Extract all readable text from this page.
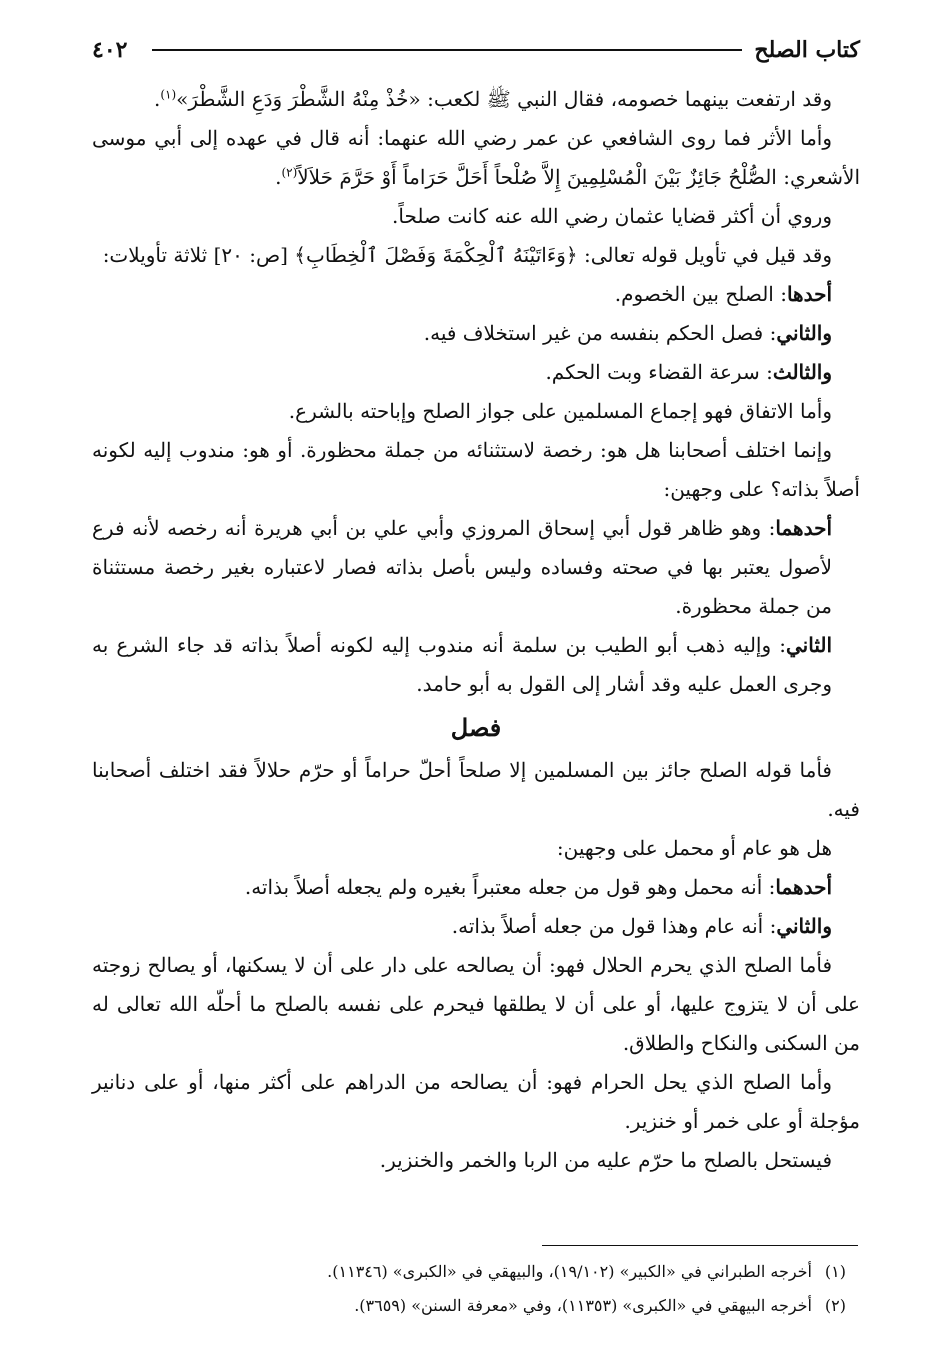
٤٠٢	كتاب الصلح

وقد ارتفعت بينهما خصومه، فقال النبي ﷺ لكعب: «خُذْ مِنْهُ الشَّطْرَ وَدَعِ الشَّطْرَ»$^{(١)}$.

وأما الأثر فما روى الشافعي عن عمر رضي الله عنهما: أنه قال في عهده إلى أبي موسى الأشعري: الصُّلْحُ جَائِزٌ بَيْنَ الْمُسْلِمِينَ إِلاَّ صُلْحاً أَحَلَّ حَرَاماً أَوْ حَرَّمَ حَلاَلاً$^{(٢)}$.

وروي أن أكثر قضايا عثمان رضي الله عنه كانت صلحاً.

وقد قيل في تأويل قوله تعالى: ﴿وَءَاتَيْنَهُ ٱلْحِكْمَةَ وَفَصْلَ ٱلْخِطَابِ﴾ [ص: ٢٠] ثلاثة تأويلات:

أحدها: الصلح بين الخصوم.

والثاني: فصل الحكم بنفسه من غير استخلاف فيه.

والثالث: سرعة القضاء وبت الحكم.

وأما الاتفاق فهو إجماع المسلمين على جواز الصلح وإباحته بالشرع.

وإنما اختلف أصحابنا هل هو: رخصة لاستثنائه من جملة محظورة. أو هو: مندوب إليه لكونه أصلاً بذاته؟ على وجهين:

أحدهما: وهو ظاهر قول أبي إسحاق المروزي وأبي علي بن أبي هريرة أنه رخصه لأنه فرع لأصول يعتبر بها في صحته وفساده وليس بأصل بذاته فصار لاعتباره بغير رخصة مستثناة من جملة محظورة.

الثاني: وإليه ذهب أبو الطيب بن سلمة أنه مندوب إليه لكونه أصلاً بذاته قد جاء الشرع به وجرى العمل عليه وقد أشار إلى القول به أبو حامد.

فصل

فأما قوله الصلح جائز بين المسلمين إلا صلحاً أحلّ حراماً أو حرّم حلالاً فقد اختلف أصحابنا فيه.

هل هو عام أو محمل على وجهين:

أحدهما: أنه محمل وهو قول من جعله معتبراً بغيره ولم يجعله أصلاً بذاته.

والثاني: أنه عام وهذا قول من جعله أصلاً بذاته.

فأما الصلح الذي يحرم الحلال فهو: أن يصالحه على دار على أن لا يسكنها، أو يصالح زوجته على أن لا يتزوج عليها، أو على أن لا يطلقها فيحرم على نفسه بالصلح ما أحلّه الله تعالى له من السكنى والنكاح والطلاق.

وأما الصلح الذي يحل الحرام فهو: أن يصالحه من الدراهم على أكثر منها، أو على دنانير مؤجلة أو على خمر أو خنزير.

فيستحل بالصلح ما حرّم عليه من الربا والخمر والخنزير.

(١)أخرجه الطبراني في «الكبير» (١٩/١٠٢)، والبيهقي في «الكبرى» (١١٣٤٦).

(٢)أخرجه البيهقي في «الكبرى» (١١٣٥٣)، وفي «معرفة السنن» (٣٦٥٩).
